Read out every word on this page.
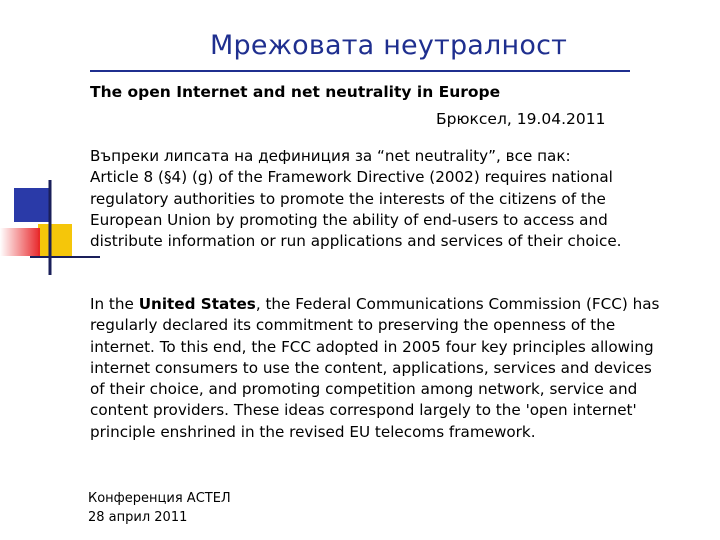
Мрежовата неутралност
The open Internet and net neutrality in Europe
Брюксел, 19.04.2011
Въпреки липсата на дефиниция за “net neutrality”, все пак:
Article 8 (§4) (g) of the Framework Directive (2002) requires national regulatory authorities to promote the interests of the citizens of the European Union by promoting the ability of end-users to access and distribute information or run applications and services of their choice.
In the United States, the Federal Communications Commission (FCC) has regularly declared its commitment to preserving the openness of the internet. To this end, the FCC adopted in 2005 four key principles allowing internet consumers to use the content, applications, services and devices of their choice, and promoting competition among network, service and content providers. These ideas correspond largely to the 'open internet' principle enshrined in the revised EU telecoms framework.
Конференция АСТЕЛ
28 април 2011
